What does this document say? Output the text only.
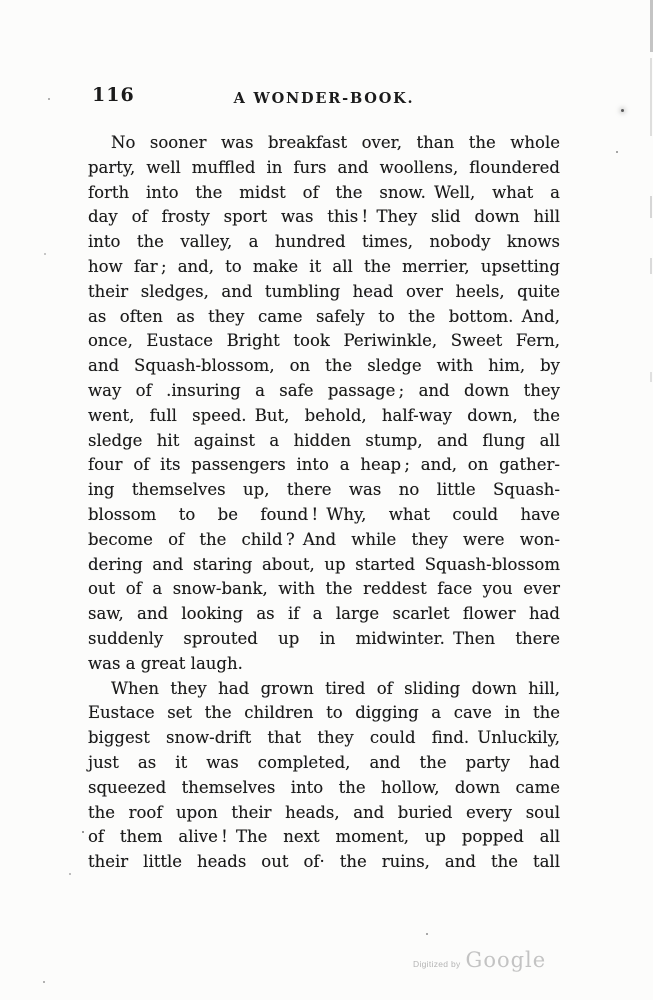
116	A WONDER-BOOK.
No sooner was breakfast over, than the whole
party, well muffled in furs and woollens, floundered
forth into the midst of the snow. Well, what a
day of frosty sport was this ! They slid down hill
into the valley, a hundred times, nobody knows
how far ; and, to make it all the merrier, upsetting
their sledges, and tumbling head over heels, quite
as often as they came safely to the bottom. And,
once, Eustace Bright took Periwinkle, Sweet Fern,
and Squash-blossom, on the sledge with him, by
way of .insuring a safe passage ; and down they
went, full speed. But, behold, half-way down, the
sledge hit against a hidden stump, and flung all
four of its passengers into a heap ; and, on gather-
ing themselves up, there was no little Squash-
blossom to be found ! Why, what could have
become of the child ? And while they were won-
dering and staring about, up started Squash-blossom
out of a snow-bank, with the reddest face you ever
saw, and looking as if a large scarlet flower had
suddenly sprouted up in midwinter. Then there
was a great laugh.
When they had grown tired of sliding down hill,
Eustace set the children to digging a cave in the
biggest snow-drift that they could find. Unluckily,
just as it was completed, and the party had
squeezed themselves into the hollow, down came
the roof upon their heads, and buried every soul
of them alive ! The next moment, up popped all
their little heads out of· the ruins, and the tall
Digitized by Google
